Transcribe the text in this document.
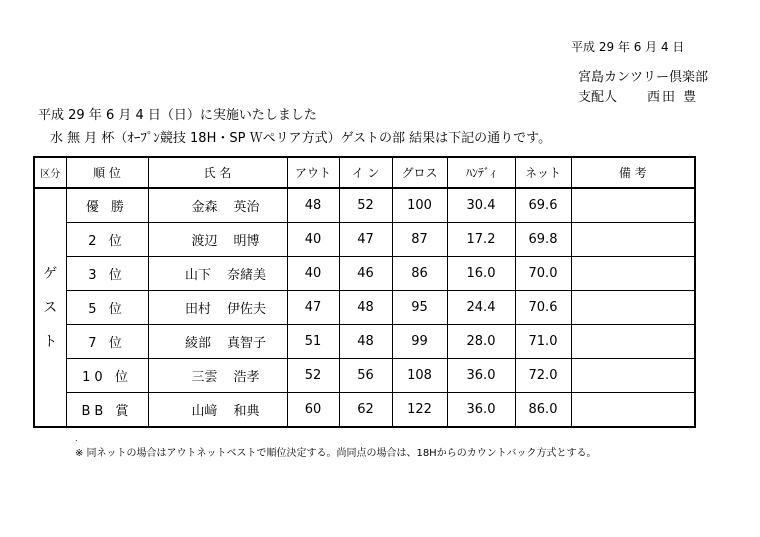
平成 29 年 6 月 4 日
宮島カンツリー倶楽部
支配人 西田 豊
平成 29 年 6 月 4 日（日）に実施いたしました
水 無 月 杯（ｵｰﾌﾟﾝ競技 18H・SP Ｗペリア方式）ゲストの部 結果は下記の通りです。
区分	順 位	氏 名	アウト	イ ン	グロス	ﾊﾝﾃﾞｨ	ネット	備 考

ゲ
ス
ト	優 勝	金森 英治	48	52	100	30.4	69.6	
	2 位	渡辺 明博	40	47	87	17.2	69.8	
	3 位	山下 奈緒美	40	46	86	16.0	70.0	
	5 位	田村 伊佐夫	47	48	95	24.4	70.6	
	7 位	綾部 真智子	51	48	99	28.0	71.0	
	10 位	三雲 浩孝	52	56	108	36.0	72.0	
	BB 賞	山﨑 和典	60	62	122	36.0	86.0	
.
※ 同ネットの場合はアウトネットベストで順位決定する。尚同点の場合は、18Hからのカウントバック方式とする。
